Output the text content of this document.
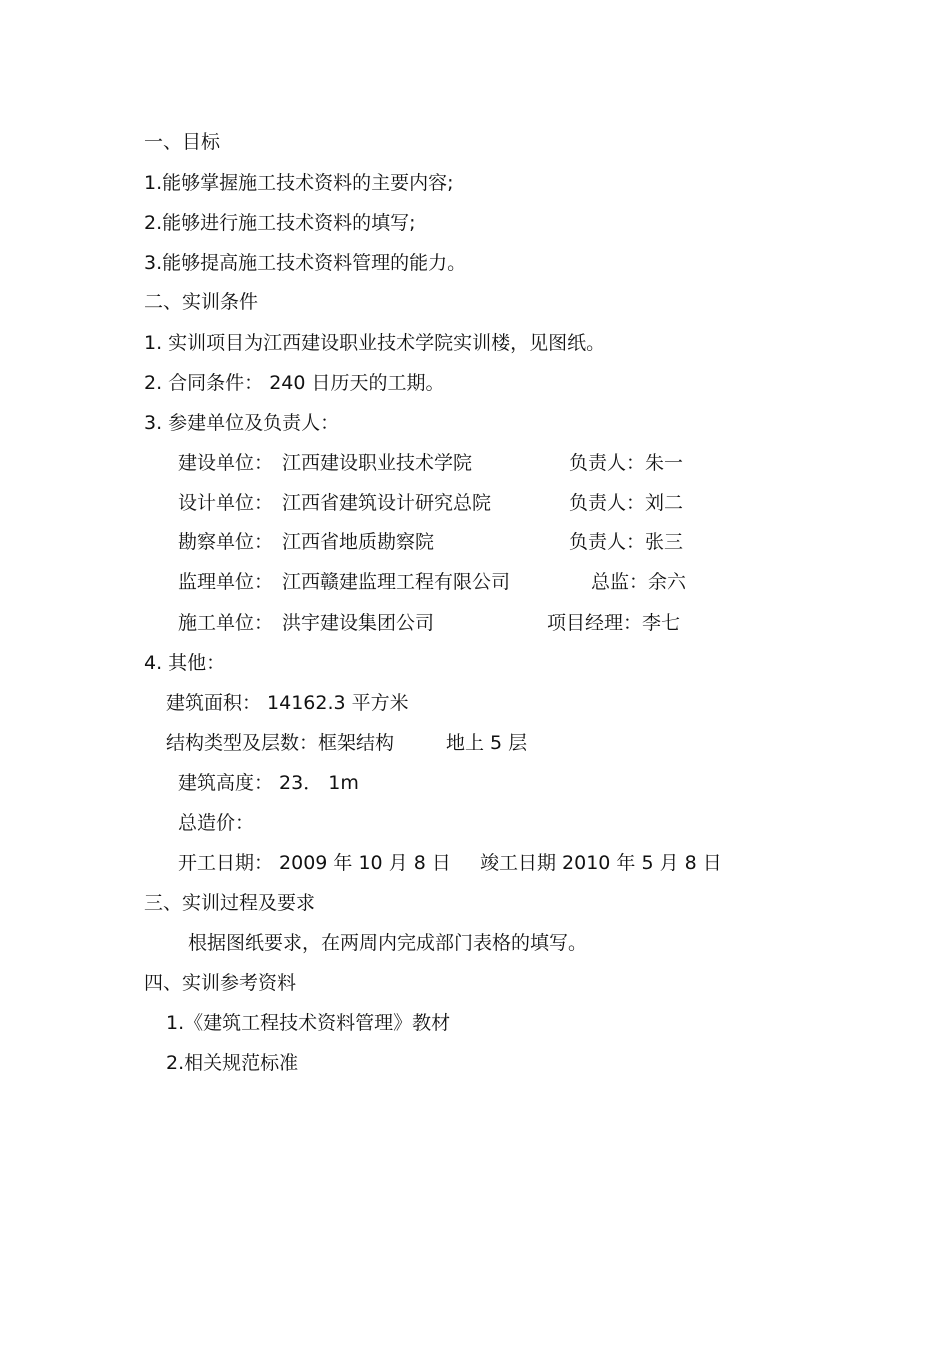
一、目标
1.能够掌握施工技术资料的主要内容;
2.能够进行施工技术资料的填写;
3.能够提高施工技术资料管理的能力。
二、实训条件
1. 实训项目为江西建设职业技术学院实训楼，见图纸。
2. 合同条件： 240 日历天的工期。
3. 参建单位及负责人：
建设单位： 江西建设职业技术学院	负责人：朱一
设计单位： 江西省建筑设计研究总院	负责人：刘二
勘察单位： 江西省地质勘察院	负责人：张三
监理单位： 江西赣建监理工程有限公司	总监：余六
施工单位： 洪宇建设集团公司	项目经理：李七
4. 其他：
建筑面积： 14162.3 平方米
结构类型及层数：框架结构	地上 5 层
建筑高度： 23． 1m
总造价：
开工日期： 2009 年 10 月 8 日 竣工日期 2010 年 5 月 8 日
三、实训过程及要求
根据图纸要求，在两周内完成部门表格的填写。
四、实训参考资料
1.《建筑工程技术资料管理》教材
2.相关规范标准
